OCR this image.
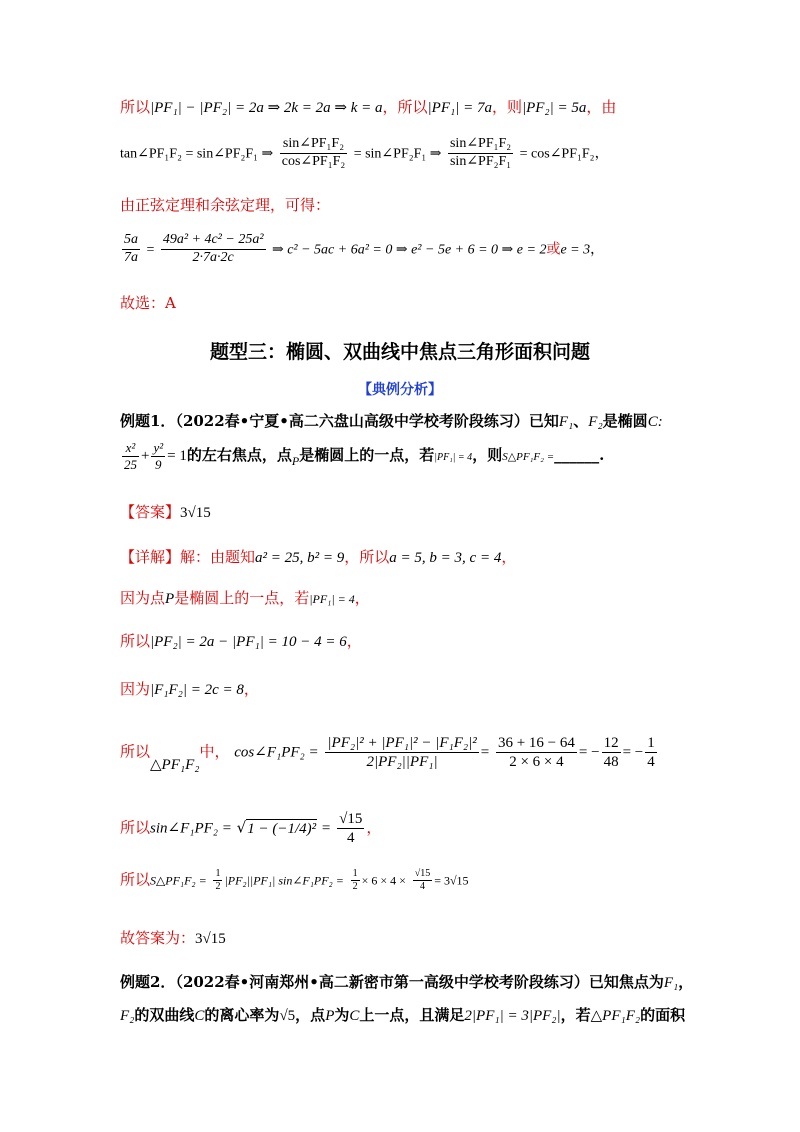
所以|PF₁| − |PF₂| = 2a ⇒ 2k = 2a ⇒ k = a，所以|PF₁| = 7a，则|PF₂| = 5a，由
tan∠PF₁F₂ = sin∠PF₂F₁ ⇒ $\frac{\text{sin∠PF₁F₂}}{\text{cos∠PF₁F₂}}$ = sin∠PF₂F₁ ⇒ $\frac{\text{sin∠PF₁F₂}}{\text{sin∠PF₂F₁}}$ = cos∠PF₁F₂，
由正弦定理和余弦定理，可得：
$\frac{5a}{7a} = \frac{\text{49a² + 4c² − 25a²}}{2\cdot 7a\cdot 2c}$ ⇒ c² − 5ac + 6a² = 0 ⇒ e² − 5e + 6 = 0 ⇒ e = 2或e = 3，
故选：A
题型三：椭圆、双曲线中焦点三角形面积问题
【典例分析】
例题1．（2022春•宁夏•高二六盘山高级中学校考阶段练习）已知F₁、F₂是椭圆C:
$\frac{\text{x²}}{25} + \frac{\text{y²}}{9} = 1$的左右焦点，点$_P$是椭圆上的一点，若|PF₁| = 4，则S△PF₁F₂ =______.
【答案】3√15
【详解】解：由题知a² = 25, b² = 9，所以a = 5, b = 3, c = 4，
因为点P是椭圆上的一点，若|PF₁| = 4，
所以|PF₂| = 2a − |PF₁| = 10 − 4 = 6，
因为|F₁F₂| = 2c = 8，
所以△PF₁F₂中， cos∠F₁PF₂ = $\frac{\text{|PF₂|² + |PF₁|² − |F₁F₂|²}}{\text{2|PF₂||PF₁|}} = \frac{36 + 16 - 64}{2 \times 6 \times 4}$ = − $\frac{12}{48}$ = − $\frac{1}{4}$
所以sin∠F₁PF₂ = $√1 - (-1/4)^2 = \frac{√15}{4}$ ，
所以S△PF₁F₂ = $\frac{1}{2} |PF_2||PF_1|$ sin∠F₁PF₂ = $\frac{1}{2} \times 6 \times 4 \times \frac{√15}{4} = 3√15$
故答案为：3√15
例题2．（2022春•河南郑州•高二新密市第一高级中学校考阶段练习）已知焦点为F₁，
F₂的双曲线C的离心率为√5，点P为C上一点，且满足2|PF₁| = 3|PF₂|，若△PF₁F₂的面积
